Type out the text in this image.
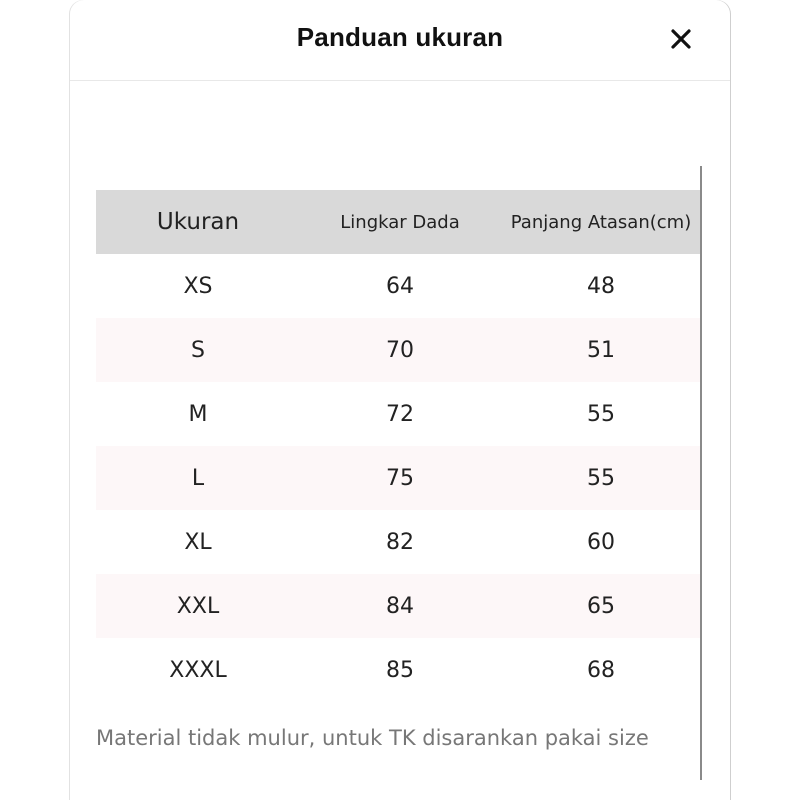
Panduan ukuran
Ukuran	Lingkar Dada	Panjang Atasan(cm)
XS	64	48
S	70	51
M	72	55
L	75	55
XL	82	60
XXL	84	65
XXXL	85	68
Material tidak mulur, untuk TK disarankan pakai size
